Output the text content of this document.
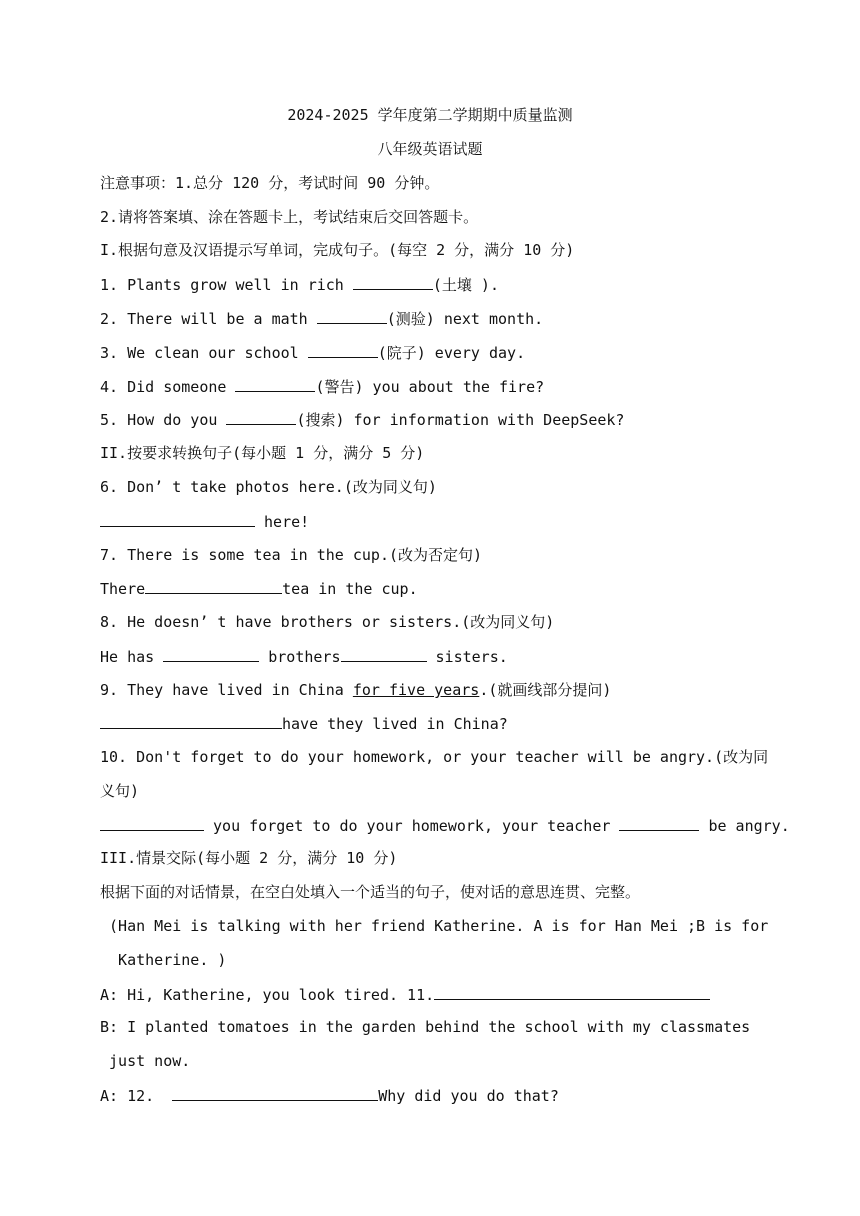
2024-2025 学年度第二学期期中质量监测
八年级英语试题
注意事项：1.总分 120 分，考试时间 90 分钟。
2.请将答案填、涂在答题卡上，考试结束后交回答题卡。
I.根据句意及汉语提示写单词，完成句子。(每空 2 分，满分 10 分)
1. Plants grow well in rich	(土壤 ).
2. There will be a math	(测验) next month.
3. We clean our school	(院子) every day.
4. Did someone	(警告) you about the fire?
5. How do you	(搜索) for information with DeepSeek?
II.按要求转换句子(每小题 1 分，满分 5 分)
6. Don’ t take photos here.(改为同义句)
here!
7. There is some tea in the cup.(改为否定句)
There	tea in the cup.
8. He doesn’ t have brothers or sisters.(改为同义句)
He has	brothers	sisters.
9. They have lived in China for five years.(就画线部分提问)
have they lived in China?
10. Don't forget to do your homework, or your teacher will be angry.(改为同
义句)
you forget to do your homework, your teacher	be angry.
III.情景交际(每小题 2 分，满分 10 分)
根据下面的对话情景，在空白处填入一个适当的句子，使对话的意思连贯、完整。
(Han Mei is talking with her friend Katherine. A is for Han Mei ;B is for
Katherine. )
A: Hi, Katherine, you look tired. 11.
B: I planted tomatoes in the garden behind the school with my classmates
just now.
A: 12.	Why did you do that?
